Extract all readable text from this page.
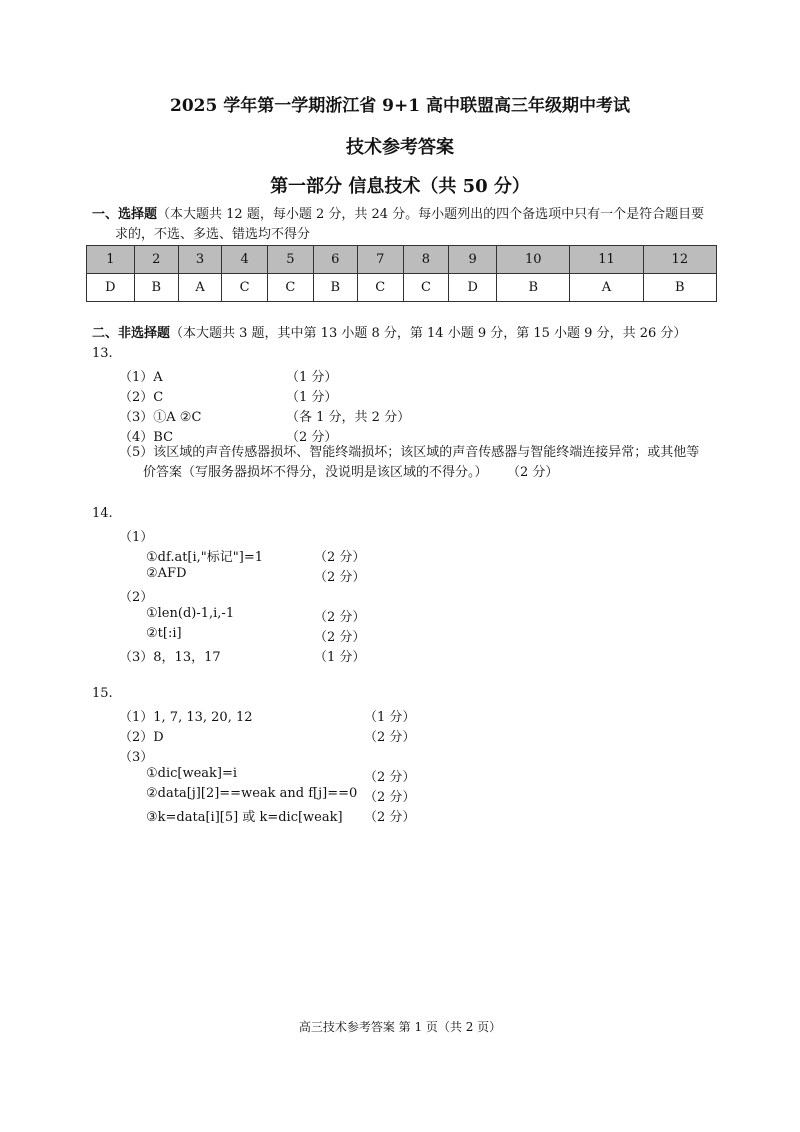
2025 学年第一学期浙江省 9+1 高中联盟高三年级期中考试
技术参考答案
第一部分 信息技术（共 50 分）
一、选择题（本大题共 12 题，每小题 2 分，共 24 分。每小题列出的四个备选项中只有一个是符合题目要
求的，不选、多选、错选均不得分
1	2	3	4	5	6	7	8	9	10	11	12
D	B	A	C	C	B	C	C	D	B	A	B
二、非选择题（本大题共 3 题，其中第 13 小题 8 分，第 14 小题 9 分，第 15 小题 9 分，共 26 分）
13.
（1）A	（1 分）
（2）C	（1 分）
（3）①A ②C	（各 1 分，共 2 分）
（4）BC	（2 分）
（5）该区域的声音传感器损坏、智能终端损坏；该区域的声音传感器与智能终端连接异常；或其他等
价答案（写服务器损坏不得分，没说明是该区域的不得分。） （2 分）
14.
（1）
①df.at[i,"标记"]=1	（2 分）
②AFD	（2 分）
（2）
①len(d)-1,i,-1	（2 分）
②t[:i]	（2 分）
（3）8，13，17	（1 分）
15.
（1）1, 7, 13, 20, 12	（1 分）
（2）D	（2 分）
（3）
①dic[weak]=i	（2 分）
②data[j][2]==weak and f[j]==0 （2 分）
③k=data[i][5] 或 k=dic[weak] （2 分）
高三技术参考答案 第 1 页（共 2 页）
